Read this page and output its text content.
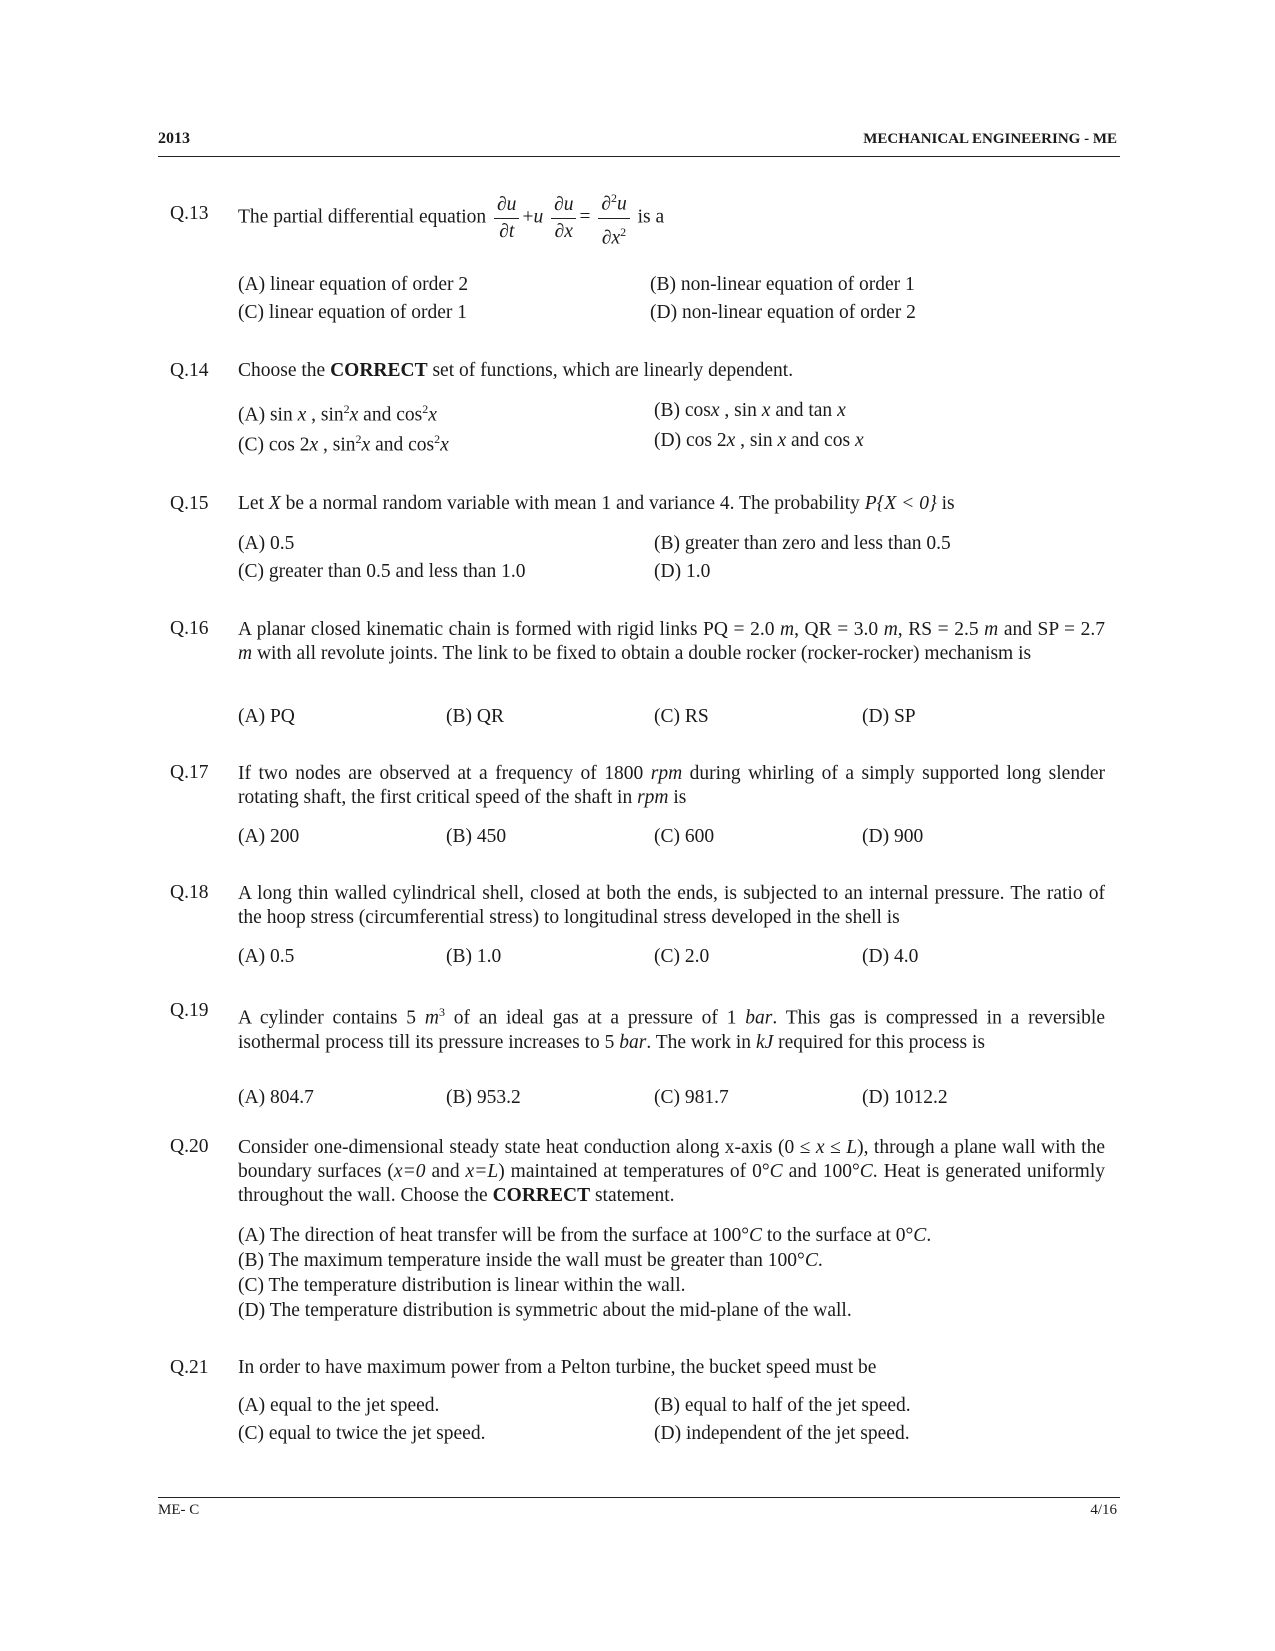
2013	MECHANICAL ENGINEERING - ME
Q.13 The partial differential equation $\frac{\partial u}{\partial t} +u \frac{\partial u}{\partial x} = \frac{\partial^2u}{\partial x^2}$ is a
(A) linear equation of order 2	(B) non-linear equation of order 1
(C) linear equation of order 1	(D) non-linear equation of order 2
Q.14 Choose the CORRECT set of functions, which are linearly dependent.
(A) sin x , $\sin^2x$ and $\cos^2x$	(B) cosx , sin x and tan x
(C) cos 2x , $\sin^2x$ and $\cos^2x$	(D) cos 2x , sin x and cos x
Q.15 Let X be a normal random variable with mean 1 and variance 4. The probability P{X < 0} is
(A) 0.5	(B) greater than zero and less than 0.5
(C) greater than 0.5 and less than 1.0	(D) 1.0
Q.16 A planar closed kinematic chain is formed with rigid links PQ = 2.0 m, QR = 3.0 m, RS = 2.5 m and SP = 2.7 m with all revolute joints. The link to be fixed to obtain a double rocker (rocker-rocker) mechanism is
(A) PQ	(B) QR	(C) RS	(D) SP
Q.17 If two nodes are observed at a frequency of 1800 rpm during whirling of a simply supported long slender rotating shaft, the first critical speed of the shaft in rpm is
(A) 200	(B) 450	(C) 600	(D) 900
Q.18 A long thin walled cylindrical shell, closed at both the ends, is subjected to an internal pressure. The ratio of the hoop stress (circumferential stress) to longitudinal stress developed in the shell is
(A) 0.5	(B) 1.0	(C) 2.0	(D) 4.0
Q.19 A cylinder contains 5 $m^3$ of an ideal gas at a pressure of 1 bar. This gas is compressed in a reversible isothermal process till its pressure increases to 5 bar. The work in kJ required for this process is
(A) 804.7	(B) 953.2	(C) 981.7	(D) 1012.2
Q.20 Consider one-dimensional steady state heat conduction along x-axis (0 ≤ x ≤ L), through a plane wall with the boundary surfaces (x=0 and x=L) maintained at temperatures of 0°C and 100°C. Heat is generated uniformly throughout the wall. Choose the CORRECT statement.
(A) The direction of heat transfer will be from the surface at 100°C to the surface at 0°C.
(B) The maximum temperature inside the wall must be greater than 100°C.
(C) The temperature distribution is linear within the wall.
(D) The temperature distribution is symmetric about the mid-plane of the wall.
Q.21 In order to have maximum power from a Pelton turbine, the bucket speed must be
(A) equal to the jet speed.	(B) equal to half of the jet speed.
(C) equal to twice the jet speed.	(D) independent of the jet speed.
ME- C	4/16
